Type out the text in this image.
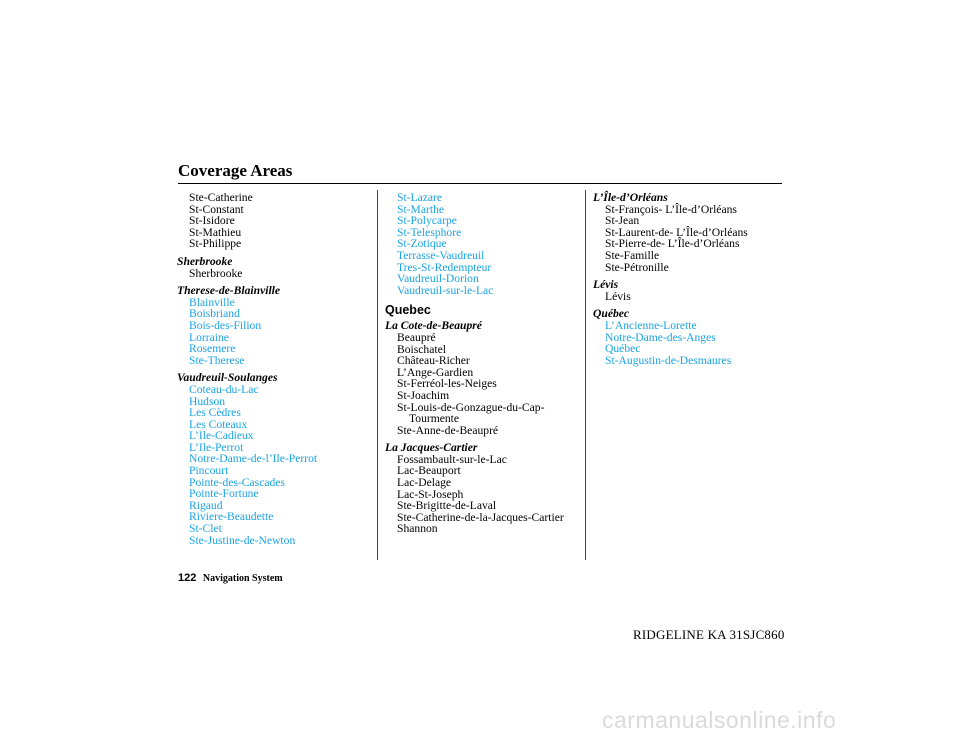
Coverage Areas
Ste-Catherine
St-Constant
St-Isidore
St-Mathieu
St-Philippe
Sherbrooke
Sherbrooke
Therese-de-Blainville
Blainville
Boisbriand
Bois-des-Filion
Lorraine
Rosemere
Ste-Therese
Vaudreuil-Soulanges
Coteau-du-Lac
Hudson
Les Cèdres
Les Coteaux
L’Ile-Cadieux
L’Ile-Perrot
Notre-Dame-de-l’Ile-Perrot
Pincourt
Pointe-des-Cascades
Pointe-Fortune
Rigaud
Riviere-Beaudette
St-Clet
Ste-Justine-de-Newton
St-Lazare
St-Marthe
St-Polycarpe
St-Telesphore
St-Zotique
Terrasse-Vaudreuil
Tres-St-Redempteur
Vaudreuil-Dorion
Vaudreuil-sur-le-Lac
Quebec
La Cote-de-Beaupré
Beaupré
Boischatel
Château-Richer
L’Ange-Gardien
St-Ferréol-les-Neiges
St-Joachim
St-Louis-de-Gonzague-du-Cap-Tourmente
Ste-Anne-de-Beaupré
La Jacques-Cartier
Fossambault-sur-le-Lac
Lac-Beauport
Lac-Delage
Lac-St-Joseph
Ste-Brigitte-de-Laval
Ste-Catherine-de-la-Jacques-Cartier
Shannon
L’Île-d’Orléans
St-François- L’Île-d’Orléans
St-Jean
St-Laurent-de- L’Île-d’Orléans
St-Pierre-de- L’Île-d’Orléans
Ste-Famille
Ste-Pétronille
Lévis
Lévis
Québec
L’Ancienne-Lorette
Notre-Dame-des-Anges
Québec
St-Augustin-de-Desmaures
122 Navigation System
RIDGELINE KA 31SJC860
carmanualsonline.info
